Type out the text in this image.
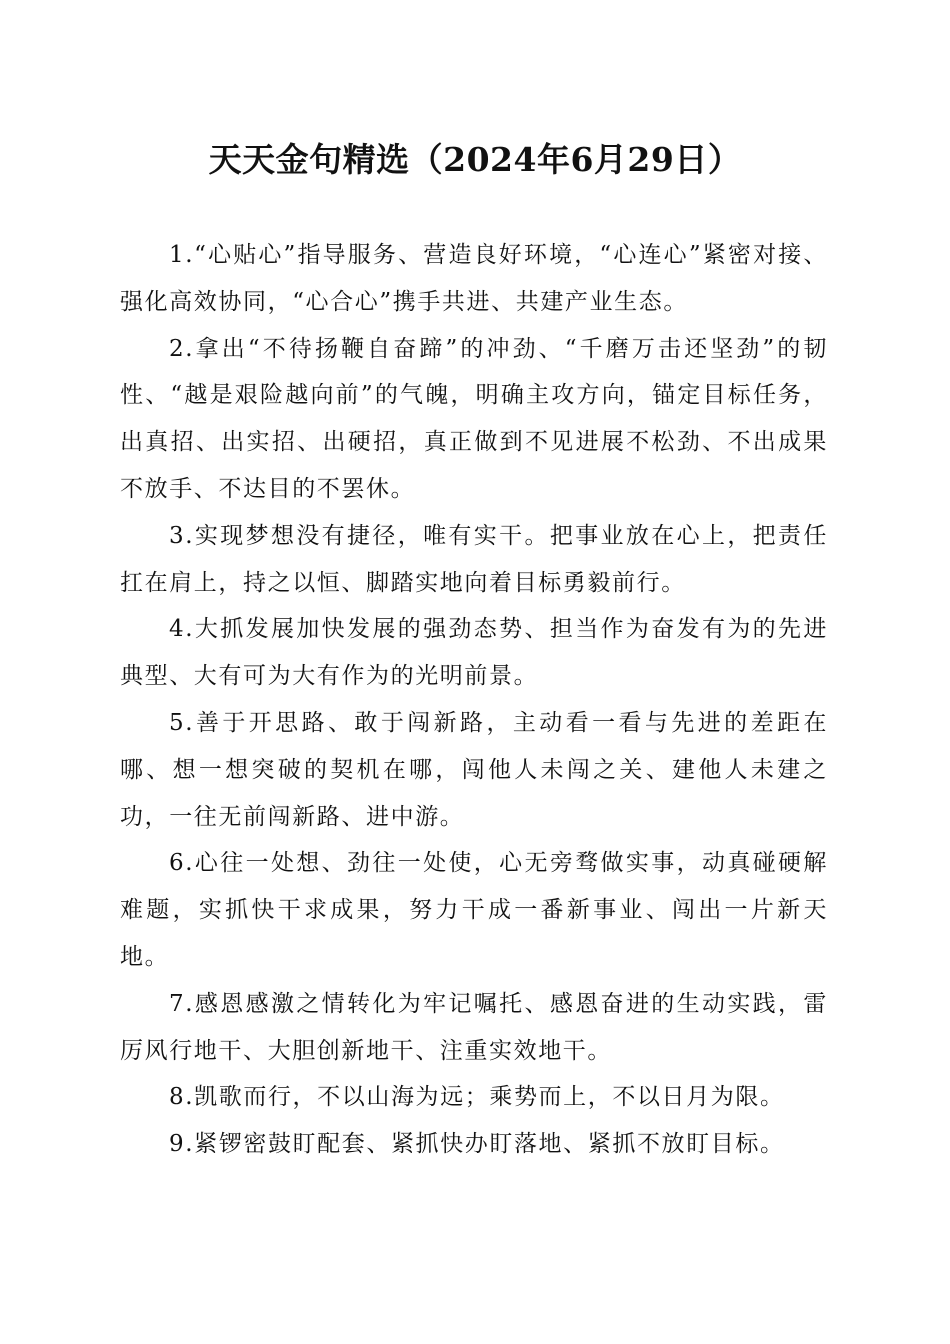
天天金句精选（2024年6月29日）

1.“心贴心”指导服务、营造良好环境，“心连心”紧密对接、强化高效协同，“心合心”携手共进、共建产业生态。

2.拿出“不待扬鞭自奋蹄”的冲劲、“千磨万击还坚劲”的韧性、“越是艰险越向前”的气魄，明确主攻方向，锚定目标任务，出真招、出实招、出硬招，真正做到不见进展不松劲、不出成果不放手、不达目的不罢休。

3.实现梦想没有捷径，唯有实干。把事业放在心上，把责任扛在肩上，持之以恒、脚踏实地向着目标勇毅前行。

4.大抓发展加快发展的强劲态势、担当作为奋发有为的先进典型、大有可为大有作为的光明前景。

5.善于开思路、敢于闯新路，主动看一看与先进的差距在哪、想一想突破的契机在哪，闯他人未闯之关、建他人未建之功，一往无前闯新路、进中游。

6.心往一处想、劲往一处使，心无旁骛做实事，动真碰硬解难题，实抓快干求成果，努力干成一番新事业、闯出一片新天地。

7.感恩感激之情转化为牢记嘱托、感恩奋进的生动实践，雷厉风行地干、大胆创新地干、注重实效地干。

8.凯歌而行，不以山海为远；乘势而上，不以日月为限。

9.紧锣密鼓盯配套、紧抓快办盯落地、紧抓不放盯目标。
